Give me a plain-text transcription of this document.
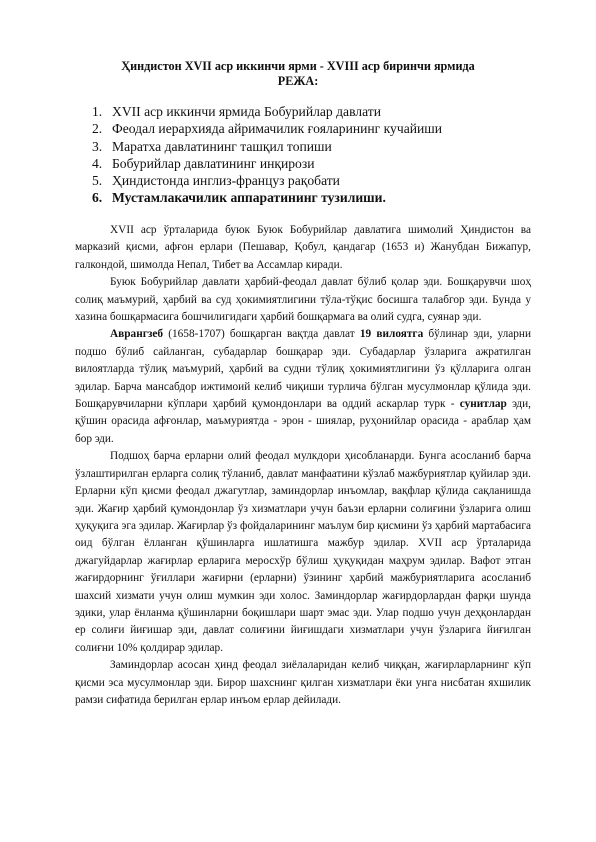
Ҳиндистон XVII аср иккинчи ярми - XVIII аср биринчи ярмида
РЕЖА:
1. XVII аср иккинчи ярмида Бобурийлар давлати
2. Феодал иерархияда айримачилик ғояларининг кучайиши
3. Маратха давлатининг ташқил топиши
4. Бобурийлар давлатининг инқирози
5. Ҳиндистонда инглиз-француз рақобати
6. Мустамлакачилик аппаратининг тузилиши.

XVII аср ўрталарида буюк Буюк Бобурийлар давлатига шимолий Ҳиндистон ва марказий қисми, афғон ерлари (Пешавар, Қобул, қандагар (1653 и) Жанубдан Бижапур, галкондой, шимолда Непал, Тибет ва Ассамлар киради.

Буюк Бобурийлар давлати ҳарбий-феодал давлат бўлиб қолар эди. Бошқарувчи шоҳ солиқ маъмурий, ҳарбий ва суд ҳокимиятлигини тўла-тўқис босишга талабгор эди. Бунда у хазина бошқармасига бошчилигидаги ҳарбий бошқармага ва олий судга, суянар эди.

Аврангзеб (1658-1707) бошқарган вақтда давлат 19 вилоятга бўлинар эди, уларни подшо бўлиб сайланган, субадарлар бошқарар эди. Субадарлар ўзларига ажратилган вилоятларда тўлиқ маъмурий, ҳарбий ва судни тўлиқ ҳокимиятлигини ўз қўлларига олган эдилар. Барча мансабдор ижтимоий келиб чиқиши турлича бўлган мусулмонлар қўлида эди. Бошқарувчиларни кўплари ҳарбий қумондонлари ва оддий аскарлар турк - сунитлар эди, қўшин орасида афғонлар, маъмуриятда - эрон - шиялар, руҳонийлар орасида - араблар ҳам бор эди.

Подшоҳ барча ерларни олий феодал мулкдори ҳисобланарди. Бунга асосланиб барча ўзлаштирилган ерларга солиқ тўланиб, давлат манфаатини кўзлаб мажбуриятлар қуйилар эди. Ерларни кўп қисми феодал джагутлар, заминдорлар инъомлар, вақфлар қўлида сақланишда эди. Жағир ҳарбий қумондонлар ўз хизматлари учун баъзи ерларни солиғини ўзларига олиш ҳуқуқига эга эдилар. Жағирлар ўз фойдаларининг маълум бир қисмини ўз ҳарбий мартабасига оид бўлган ёлланган қўшинларга ишлатишга мажбур эдилар. XVII аср ўрталарида джагуйдарлар жағирлар ерларига меросхўр бўлиш ҳуқуқидан маҳрум эдилар. Вафот этган жағирдорнинг ўғиллари жағирни (ерларни) ўзининг ҳарбий мажбуриятларига асосланиб шахсий хизмати учун олиш мумкин эди холос. Заминдорлар жағирдорлардан фарқи шунда эдики, улар ёнланма қўшинларни боқишлари шарт эмас эди. Улар подшо учун деҳқонлардан ер солиғи йиғишар эди, давлат солиғини йиғишдаги хизматлари учун ўзларига йиғилган солиғни 10% қолдирар эдилар.

Заминдорлар асосан ҳинд феодал зиёлаларидан келиб чиққан, жағирларларнинг кўп қисми эса мусулмонлар эди. Бирор шахснинг қилган хизматлари ёки унга нисбатан яхшилик рамзи сифатида берилган ерлар инъом ерлар дейилади.
